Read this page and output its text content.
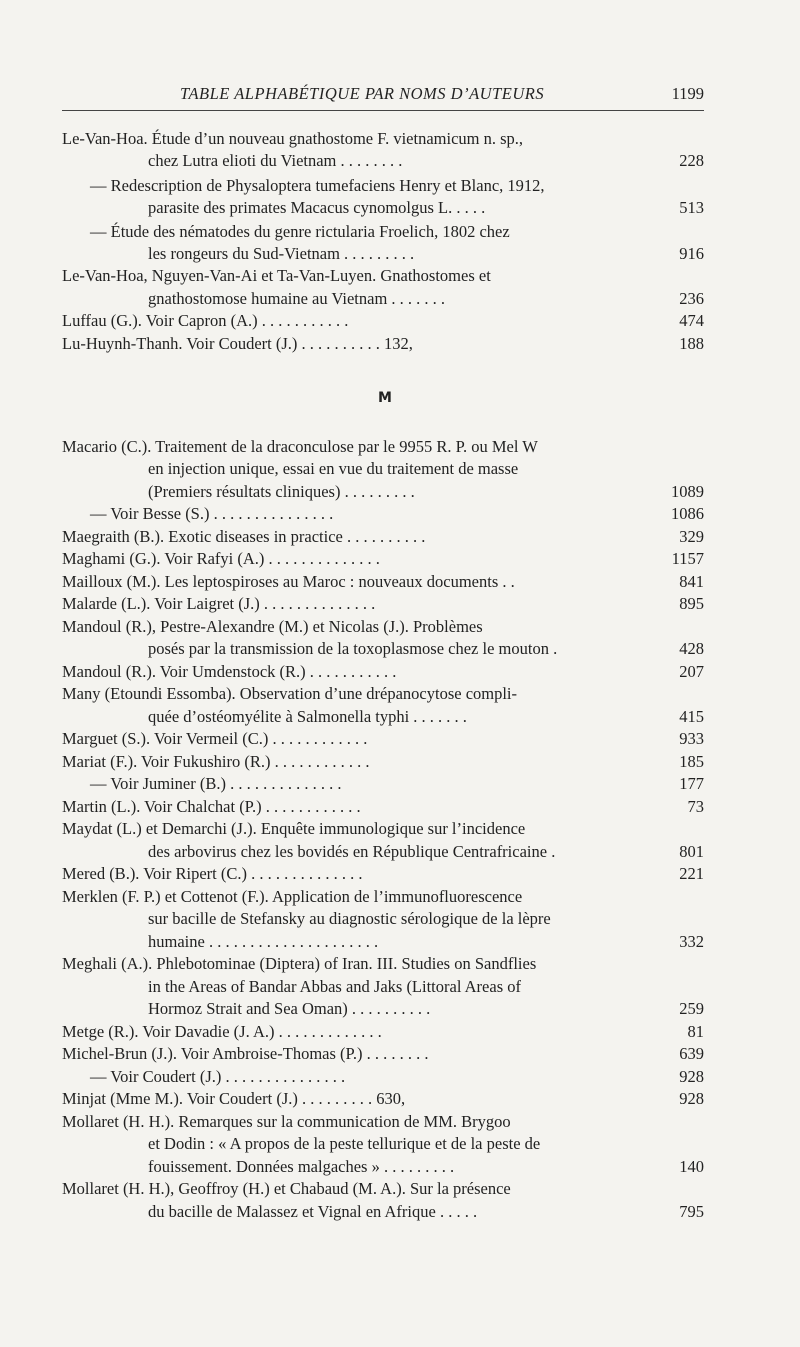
TABLE ALPHABÉTIQUE PAR NOMS D’AUTEURS	1199
M
Le-Van-Hoa. Étude d’un nouveau gnathostome F. vietnamicum n. sp.,
chez Lutra elioti du Vietnam . . . . . . . .	228
— Redescription de Physaloptera tumefaciens Henry et Blanc, 1912,
parasite des primates Macacus cynomolgus L. . . . .	513
— Étude des nématodes du genre rictularia Froelich, 1802 chez
les rongeurs du Sud-Vietnam . . . . . . . . .	916
Le-Van-Hoa, Nguyen-Van-Ai et Ta-Van-Luyen. Gnathostomes et
gnathostomose humaine au Vietnam . . . . . . .	236
Luffau (G.). Voir Capron (A.) . . . . . . . . . . .	474
Lu-Huynh-Thanh. Voir Coudert (J.) . . . . . . . . . . 132,	188
Macario (C.). Traitement de la draconculose par le 9955 R. P. ou Mel W
en injection unique, essai en vue du traitement de masse
(Premiers résultats cliniques) . . . . . . . . .	1089
— Voir Besse (S.) . . . . . . . . . . . . . . .	1086
Maegraith (B.). Exotic diseases in practice . . . . . . . . . .	329
Maghami (G.). Voir Rafyi (A.) . . . . . . . . . . . . . .	1157
Mailloux (M.). Les leptospiroses au Maroc : nouveaux documents . .	841
Malarde (L.). Voir Laigret (J.) . . . . . . . . . . . . . .	895
Mandoul (R.), Pestre-Alexandre (M.) et Nicolas (J.). Problèmes
posés par la transmission de la toxoplasmose chez le mouton .	428
Mandoul (R.). Voir Umdenstock (R.) . . . . . . . . . . .	207
Many (Etoundi Essomba). Observation d’une drépanocytose compli-
quée d’ostéomyélite à Salmonella typhi . . . . . . .	415
Marguet (S.). Voir Vermeil (C.) . . . . . . . . . . . .	933
Mariat (F.). Voir Fukushiro (R.) . . . . . . . . . . . .	185
— Voir Juminer (B.) . . . . . . . . . . . . . .	177
Martin (L.). Voir Chalchat (P.) . . . . . . . . . . . .	73
Maydat (L.) et Demarchi (J.). Enquête immunologique sur l’incidence
des arbovirus chez les bovidés en République Centrafricaine .	801
Mered (B.). Voir Ripert (C.) . . . . . . . . . . . . . .	221
Merklen (F. P.) et Cottenot (F.). Application de l’immunofluorescence
sur bacille de Stefansky au diagnostic sérologique de la lèpre
humaine . . . . . . . . . . . . . . . . . . . . .	332
Meghali (A.). Phlebotominae (Diptera) of Iran. III. Studies on Sandflies
in the Areas of Bandar Abbas and Jaks (Littoral Areas of
Hormoz Strait and Sea Oman) . . . . . . . . . .	259
Metge (R.). Voir Davadie (J. A.) . . . . . . . . . . . . .	81
Michel-Brun (J.). Voir Ambroise-Thomas (P.) . . . . . . . .	639
— Voir Coudert (J.) . . . . . . . . . . . . . . .	928
Minjat (Mme M.). Voir Coudert (J.) . . . . . . . . . 630,	928
Mollaret (H. H.). Remarques sur la communication de MM. Brygoo
et Dodin : « A propos de la peste tellurique et de la peste de
fouissement. Données malgaches » . . . . . . . . .	140
Mollaret (H. H.), Geoffroy (H.) et Chabaud (M. A.). Sur la présence
du bacille de Malassez et Vignal en Afrique . . . . .	795
